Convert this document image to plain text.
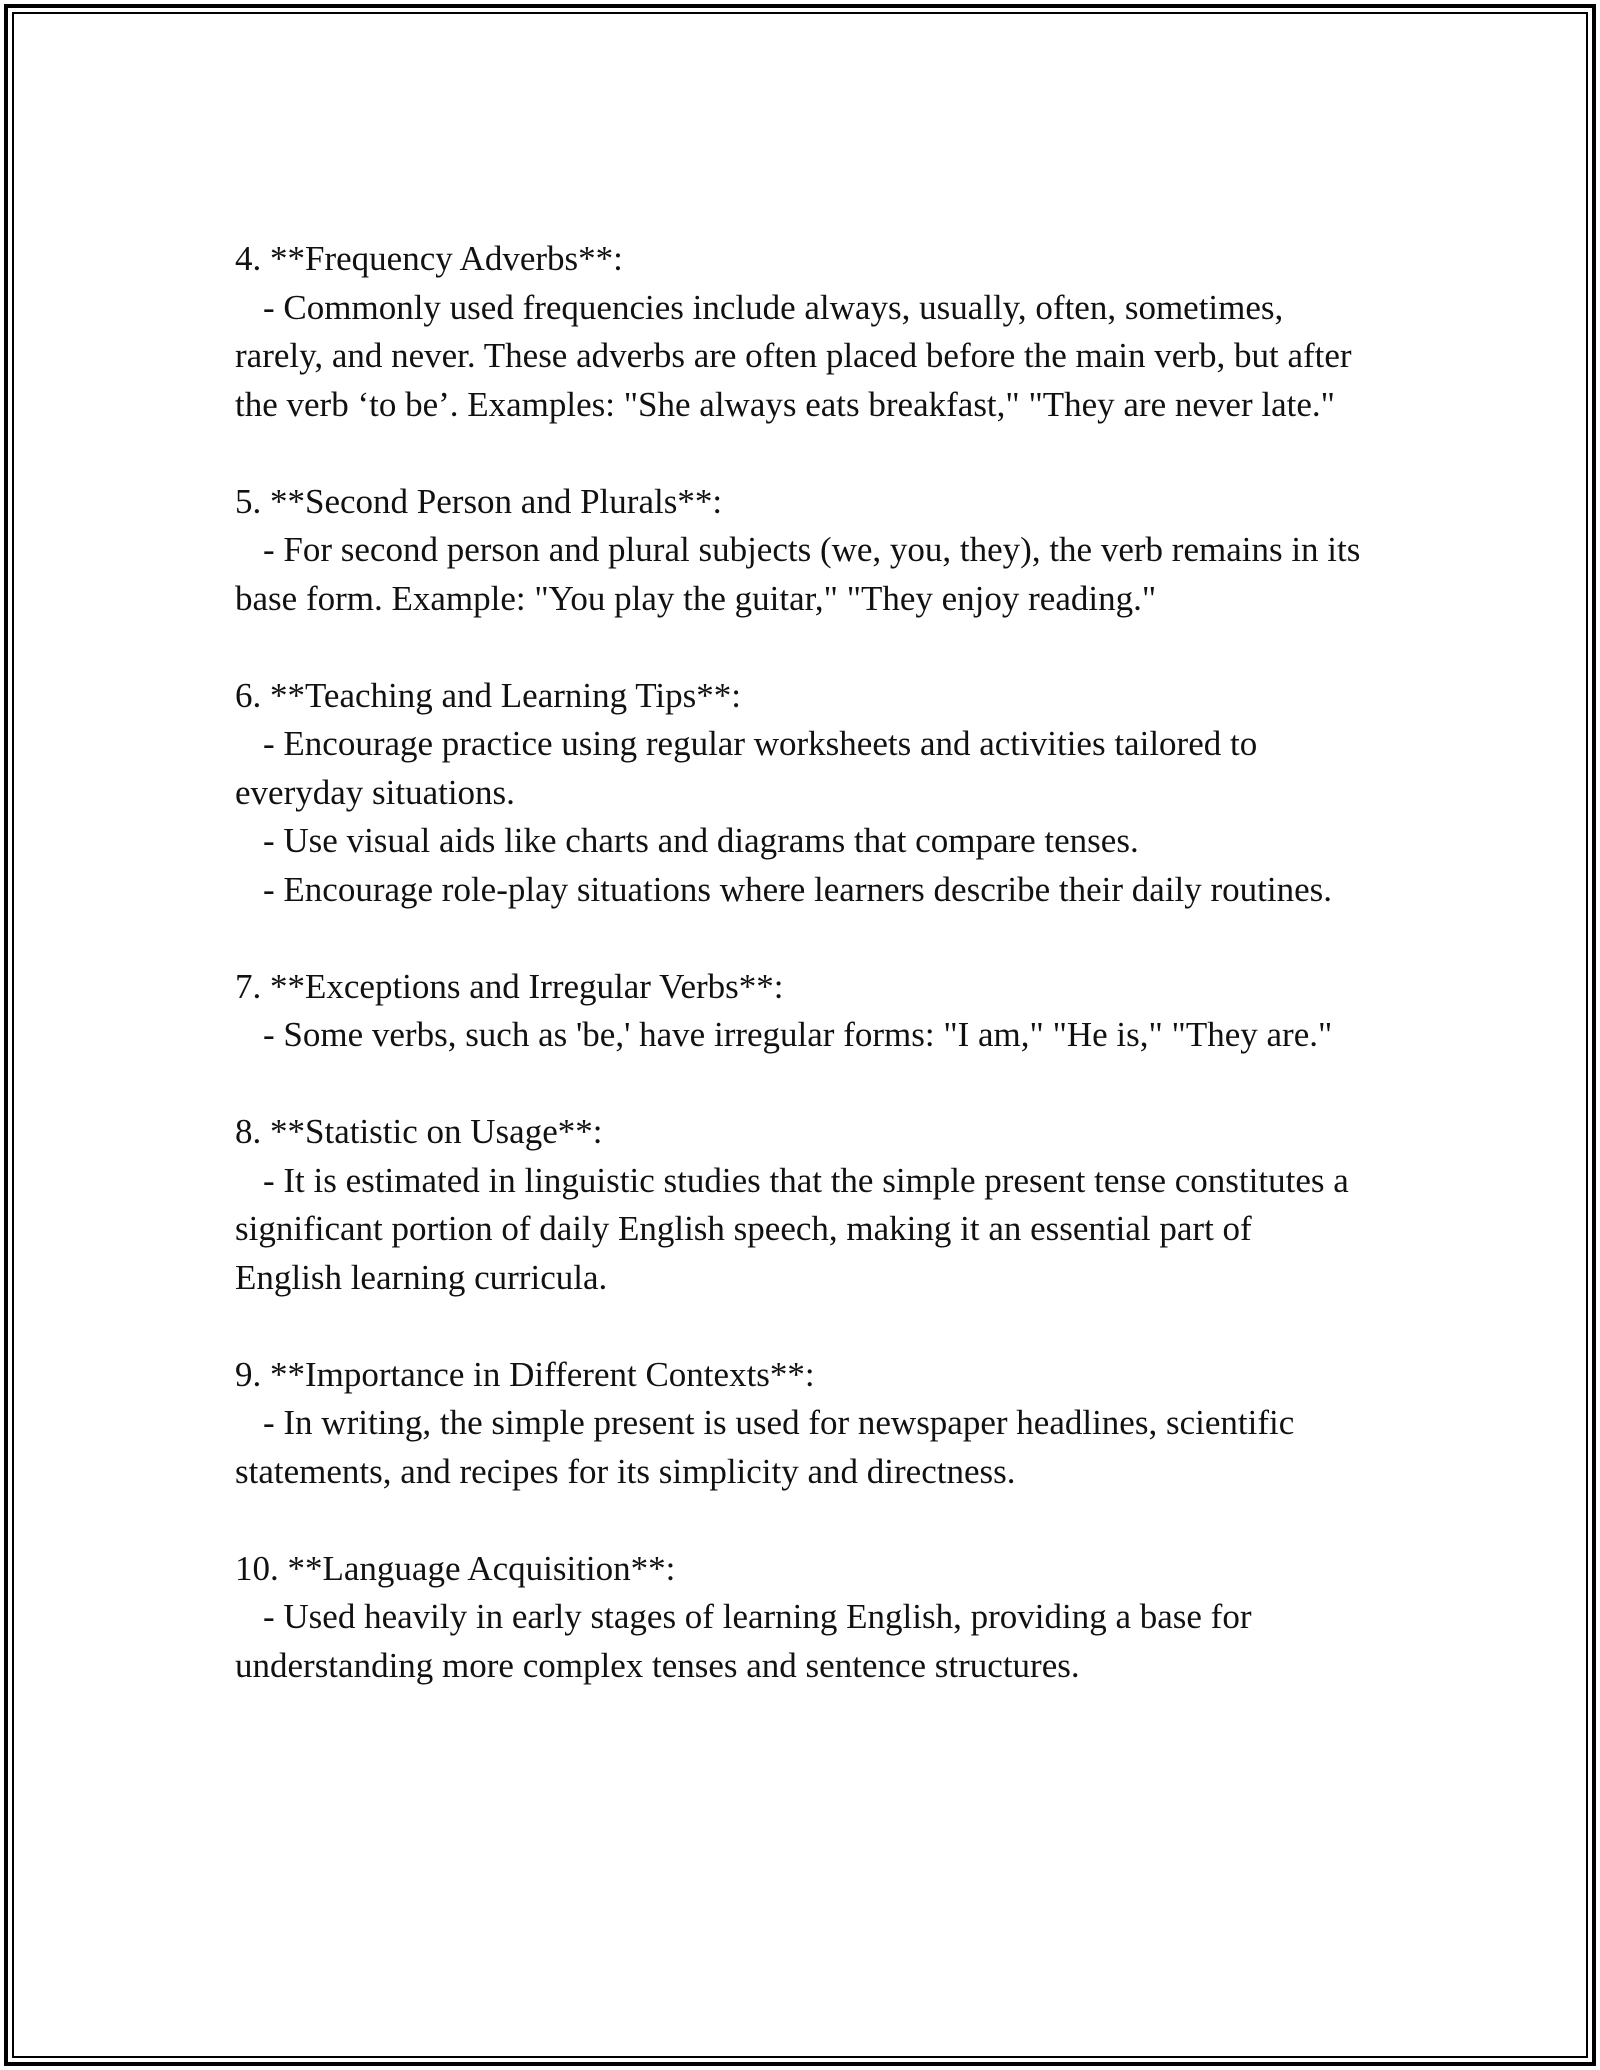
4. **Frequency Adverbs**:

- Commonly used frequencies include always, usually, often, sometimes, rarely, and never. These adverbs are often placed before the main verb, but after the verb ‘to be’. Examples: "She always eats breakfast," "They are never late."

5. **Second Person and Plurals**:

- For second person and plural subjects (we, you, they), the verb remains in its base form. Example: "You play the guitar," "They enjoy reading."

6. **Teaching and Learning Tips**:

- Encourage practice using regular worksheets and activities tailored to everyday situations.

- Use visual aids like charts and diagrams that compare tenses.

- Encourage role-play situations where learners describe their daily routines.

7. **Exceptions and Irregular Verbs**:

- Some verbs, such as 'be,' have irregular forms: "I am," "He is," "They are."

8. **Statistic on Usage**:

- It is estimated in linguistic studies that the simple present tense constitutes a significant portion of daily English speech, making it an essential part of English learning curricula.

9. **Importance in Different Contexts**:

- In writing, the simple present is used for newspaper headlines, scientific statements, and recipes for its simplicity and directness.

10. **Language Acquisition**:

- Used heavily in early stages of learning English, providing a base for understanding more complex tenses and sentence structures.
